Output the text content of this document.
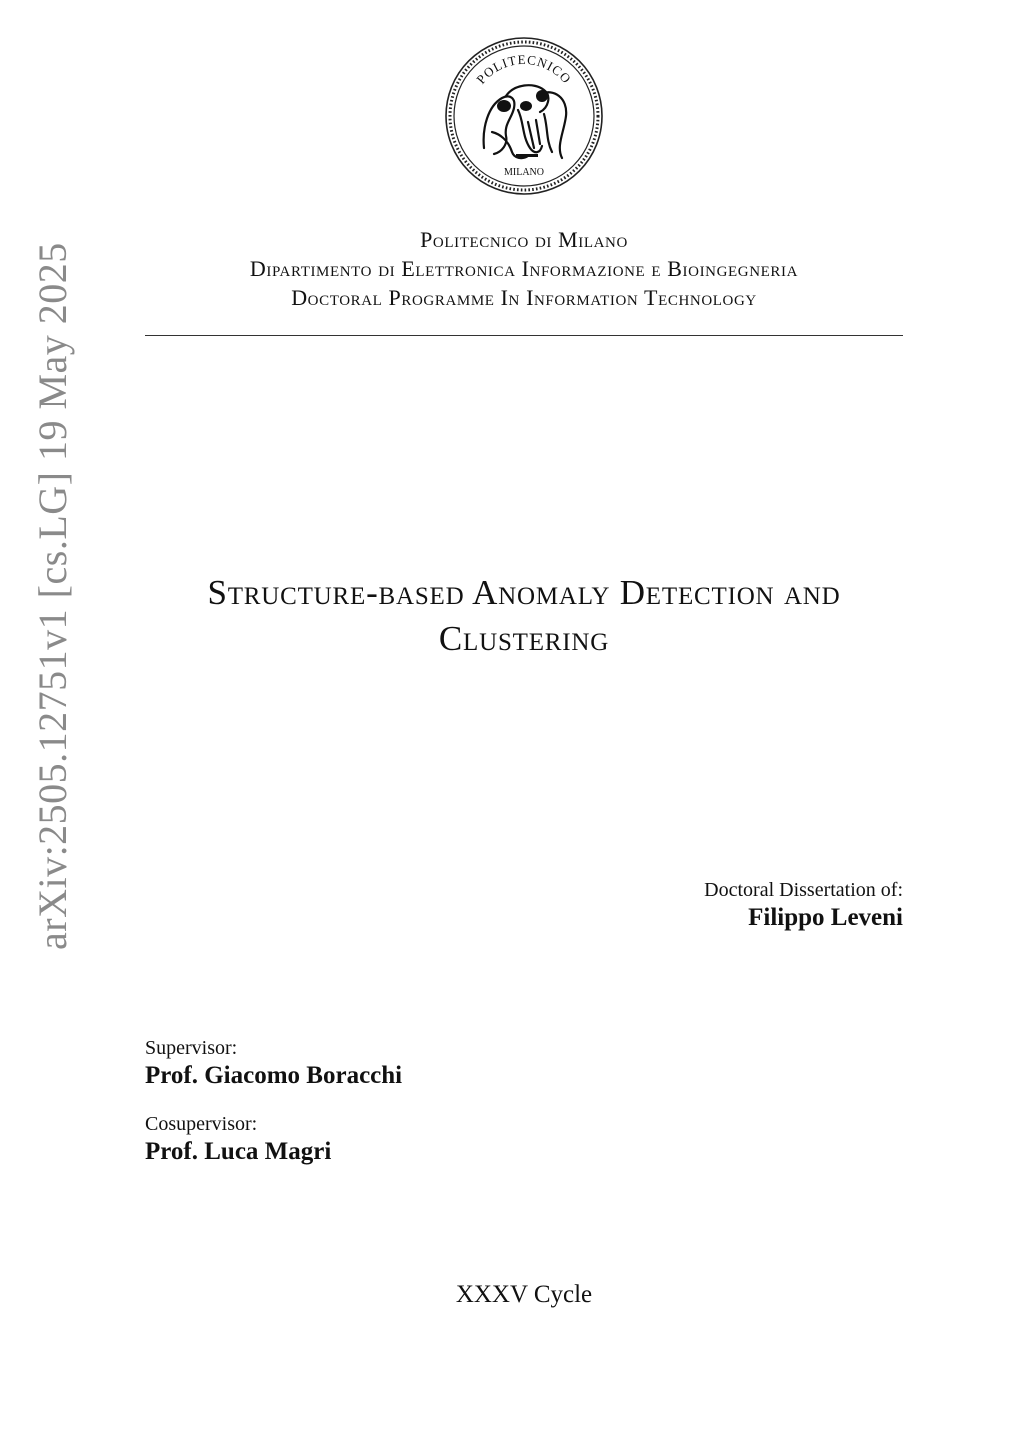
arXiv:2505.12751v1 [cs.LG] 19 May 2025
POLITECNICO
MILANO
Politecnico di Milano
Dipartimento di Elettronica Informazione e Bioingegneria
Doctoral Programme In Information Technology
Structure-based Anomaly Detection and
Clustering
Doctoral Dissertation of:
Filippo Leveni
Supervisor:
Prof. Giacomo Boracchi
Cosupervisor:
Prof. Luca Magri
XXXV Cycle
